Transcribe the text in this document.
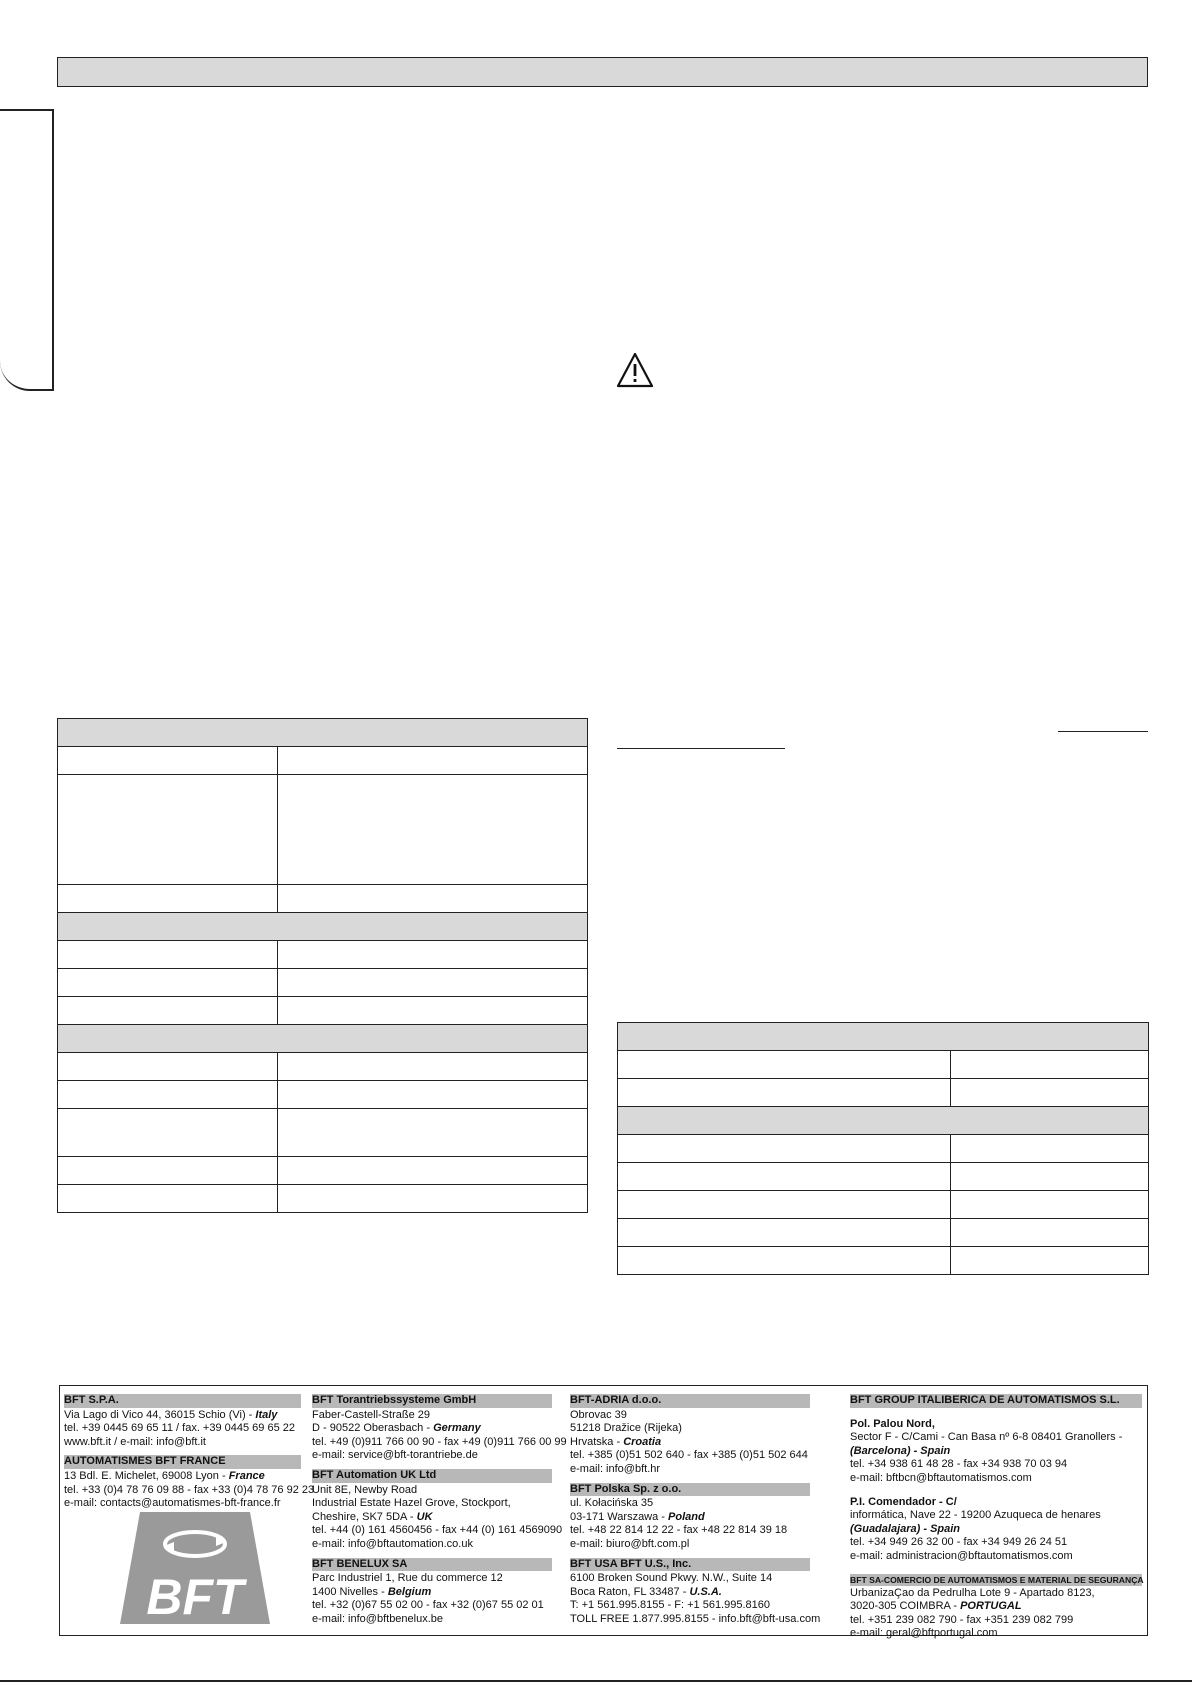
BFT S.P.A.
Via Lago di Vico 44, 36015 Schio (Vi) - Italy
tel. +39 0445 69 65 11 / fax. +39 0445 69 65 22
www.bft.it / e-mail: info@bft.it
AUTOMATISMES BFT FRANCE
13 Bdl. E. Michelet, 69008 Lyon - France
tel. +33 (0)4 78 76 09 88 - fax +33 (0)4 78 76 92 23
e-mail: contacts@automatismes-bft-france.fr
BFT
BFT Torantriebssysteme GmbH
Faber-Castell-Straße 29
D - 90522 Oberasbach - Germany
tel. +49 (0)911 766 00 90 - fax +49 (0)911 766 00 99
e-mail: service@bft-torantriebe.de
BFT Automation UK Ltd
Unit 8E, Newby Road
Industrial Estate Hazel Grove, Stockport,
Cheshire, SK7 5DA - UK
tel. +44 (0) 161 4560456 - fax +44 (0) 161 4569090
e-mail: info@bftautomation.co.uk
BFT BENELUX SA
Parc Industriel 1, Rue du commerce 12
1400 Nivelles - Belgium
tel. +32 (0)67 55 02 00 - fax +32 (0)67 55 02 01
e-mail: info@bftbenelux.be
BFT-ADRIA d.o.o.
Obrovac 39
51218 Dražice (Rijeka)
Hrvatska - Croatia
tel. +385 (0)51 502 640 - fax +385 (0)51 502 644
e-mail: info@bft.hr
BFT Polska Sp. z o.o.
ul. Kołacińska 35
03-171 Warszawa - Poland
tel. +48 22 814 12 22 - fax +48 22 814 39 18
e-mail: biuro@bft.com.pl
BFT USA BFT U.S., Inc.
6100 Broken Sound Pkwy. N.W., Suite 14
Boca Raton, FL 33487 - U.S.A.
T: +1 561.995.8155 - F: +1 561.995.8160
TOLL FREE 1.877.995.8155 - info.bft@bft-usa.com
BFT GROUP ITALIBERICA DE AUTOMATISMOS S.L.
Pol. Palou Nord,
Sector F - C/Cami - Can Basa nº 6-8 08401 Granollers -
(Barcelona) - Spain
tel. +34 938 61 48 28 - fax +34 938 70 03 94
e-mail: bftbcn@bftautomatismos.com
P.I. Comendador - C/
informática, Nave 22 - 19200 Azuqueca de henares
(Guadalajara) - Spain
tel. +34 949 26 32 00 - fax +34 949 26 24 51
e-mail: administracion@bftautomatismos.com
BFT SA-COMERCIO DE AUTOMATISMOS E MATERIAL DE SEGURANÇA
UrbanizaÇao da Pedrulha Lote 9 - Apartado 8123,
3020-305 COIMBRA - PORTUGAL
tel. +351 239 082 790 - fax +351 239 082 799
e-mail: geral@bftportugal.com
